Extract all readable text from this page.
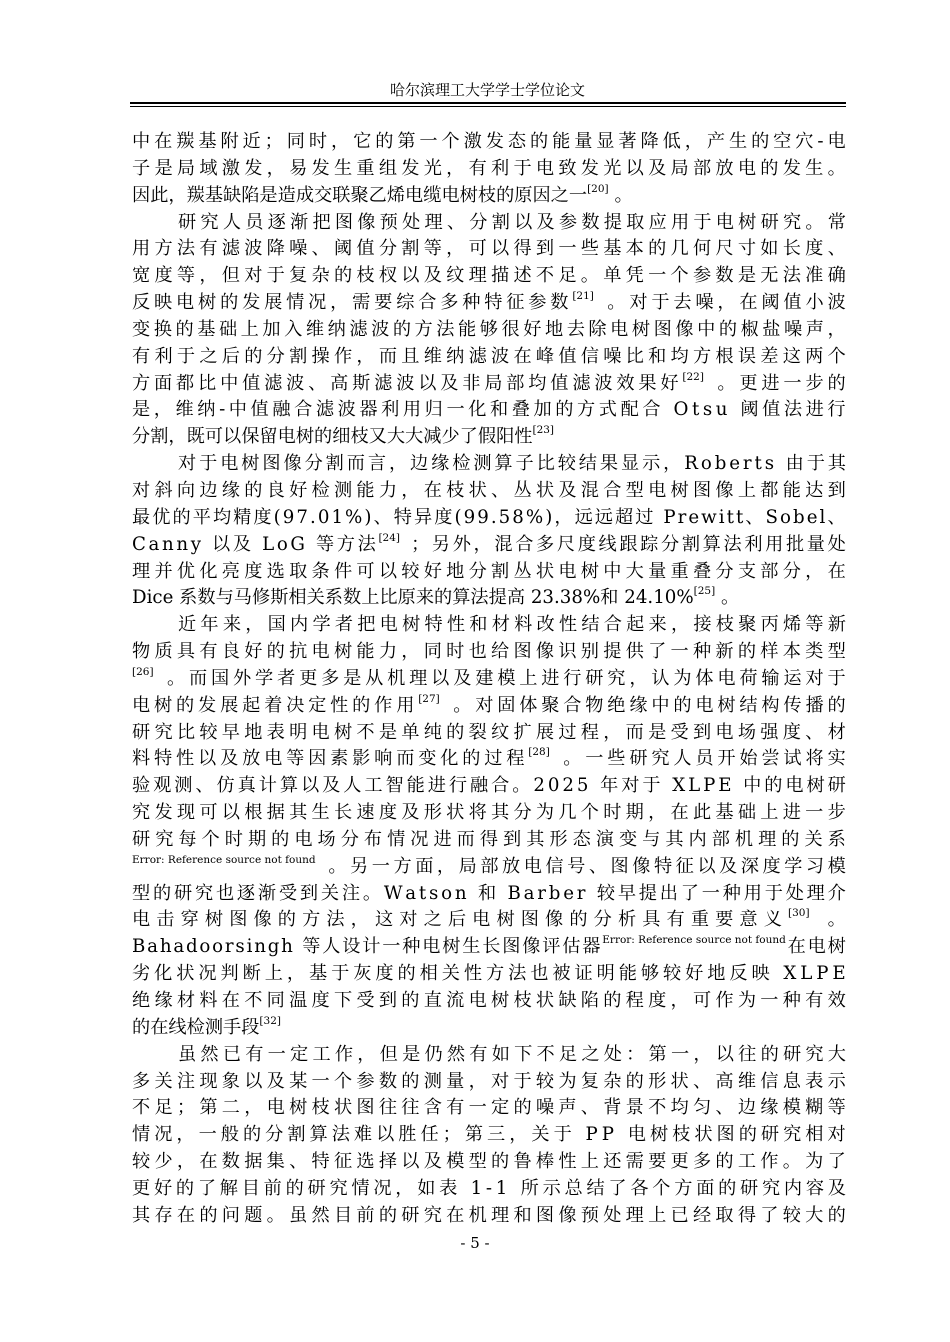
哈尔滨理工大学学士学位论文
中 在 羰 基 附 近 ； 同 时 ， 它 的 第 一 个 激 发 态 的 能 量 显 著 降 低 ， 产 生 的 空 穴 - 电
子 是 局 域 激 发 ， 易 发 生 重 组 发 光 ， 有 利 于 电 致 发 光 以 及 局 部 放 电 的 发 生 。
因 此 ， 羰 基 缺 陷 是 造 成 交 联 聚 乙 烯 电 缆 电 树 枝 的 原 因 之 一 [20]
。
研 究 人 员 逐 渐 把 图 像 预 处 理 、 分 割 以 及 参 数 提 取 应 用 于 电 树 研 究 。 常
用 方 法 有 滤 波 降 噪 、 阈 值 分 割 等 ， 可 以 得 到 一 些 基 本 的 几 何 尺 寸 如 长 度 、
宽 度 等 ， 但 对 于 复 杂 的 枝 杈 以 及 纹 理 描 述 不 足 。 单 凭 一 个 参 数 是 无 法 准 确
反 映 电 树 的 发 展 情 况 ， 需 要 综 合 多 种 特 征 参 数 [21]
。 对 于 去 噪 ， 在 阈 值 小 波
变 换 的 基 础 上 加 入 维 纳 滤 波 的 方 法 能 够 很 好 地 去 除 电 树 图 像 中 的 椒 盐 噪 声 ，
有 利 于 之 后 的 分 割 操 作 ， 而 且 维 纳 滤 波 在 峰 值 信 噪 比 和 均 方 根 误 差 这 两 个
方 面 都 比 中 值 滤 波 、 高 斯 滤 波 以 及 非 局 部 均 值 滤 波 效 果 好 [22]
。 更 进 一 步 的
是 ， 维 纳 - 中 值 融 合 滤 波 器 利 用 归 一 化 和 叠 加 的 方 式 配 合
O t s u
阈 值 法 进 行
分 割 ， 既 可 以 保 留 电 树 的 细 枝 又 大 大 减 少 了 假 阳 性 [23]
对 于 电 树 图 像 分 割 而 言 ， 边 缘 检 测 算 子 比 较 结 果 显 示 ， R o b e r t s
由 于 其
对 斜 向 边 缘 的 良 好 检 测 能 力 ， 在 枝 状 、 丛 状 及 混 合 型 电 树 图 像 上 都 能 达 到
最 优 的 平 均 精 度 ( 9 7 . 0 1 % ) 、 特 异 度 ( 9 9 . 5 8 % ) ， 远 远 超 过
P r e w i t t 、 S o b e l 、
C a n n y
以 及
L o G
等 方 法 [24]
； 另 外 ， 混 合 多 尺 度 线 跟 踪 分 割 算 法 利 用 批 量 处
理 并 优 化 亮 度 选 取 条 件 可 以 较 好 地 分 割 丛 状 电 树 中 大 量 重 叠 分 支 部 分 ， 在
D i c e
系 数 与 马 修 斯 相 关 系 数 上 比 原 来 的 算 法 提 高
2 3 . 3 8 % 和
2 4 . 1 0 % [25]
。
近 年 来 ， 国 内 学 者 把 电 树 特 性 和 材 料 改 性 结 合 起 来 ， 接 枝 聚 丙 烯 等 新
物 质 具 有 良 好 的 抗 电 树 能 力 ， 同 时 也 给 图 像 识 别 提 供 了 一 种 新 的 样 本 类 型
[26]
。 而 国 外 学 者 更 多 是 从 机 理 以 及 建 模 上 进 行 研 究 ， 认 为 体 电 荷 输 运 对 于
电 树 的 发 展 起 着 决 定 性 的 作 用 [27]
。 对 固 体 聚 合 物 绝 缘 中 的 电 树 结 构 传 播 的
研 究 比 较 早 地 表 明 电 树 不 是 单 纯 的 裂 纹 扩 展 过 程 ， 而 是 受 到 电 场 强 度 、 材
料 特 性 以 及 放 电 等 因 素 影 响 而 变 化 的 过 程 [28]
。 一 些 研 究 人 员 开 始 尝 试 将 实
验 观 测 、 仿 真 计 算 以 及 人 工 智 能 进 行 融 合 。 2 0 2 5
年 对 于
X L P E
中 的 电 树 研
究 发 现 可 以 根 据 其 生 长 速 度 及 形 状 将 其 分 为 几 个 时 期 ， 在 此 基 础 上 进 一 步
研 究 每 个 时 期 的 电 场 分 布 情 况 进 而 得 到 其 形 态 演 变 与 其 内 部 机 理 的 关 系
Error: Reference source not found
。 另 一 方 面 ， 局 部 放 电 信 号 、 图 像 特 征 以 及 深 度 学 习 模
型 的 研 究 也 逐 渐 受 到 关 注 。 W a t s o n
和
B a r b e r
较 早 提 出 了 一 种 用 于 处 理 介
电 击 穿 树 图 像 的 方 法 ， 这 对 之 后 电 树 图 像 的 分 析 具 有 重 要 意 义 [30]
。
B a h a d o o r s i n g h
等 人 设 计 一 种 电 树 生 长 图 像 评 估 器 Error: Reference source not found 在 电 树
劣 化 状 况 判 断 上 ， 基 于 灰 度 的 相 关 性 方 法 也 被 证 明 能 够 较 好 地 反 映
X L P E
绝 缘 材 料 在 不 同 温 度 下 受 到 的 直 流 电 树 枝 状 缺 陷 的 程 度 ， 可 作 为 一 种 有 效
的 在 线 检 测 手 段 [32]
虽 然 已 有 一 定 工 作 ， 但 是 仍 然 有 如 下 不 足 之 处 ： 第 一 ， 以 往 的 研 究 大
多 关 注 现 象 以 及 某 一 个 参 数 的 测 量 ， 对 于 较 为 复 杂 的 形 状 、 高 维 信 息 表 示
不 足 ； 第 二 ， 电 树 枝 状 图 往 往 含 有 一 定 的 噪 声 、 背 景 不 均 匀 、 边 缘 模 糊 等
情 况 ， 一 般 的 分 割 算 法 难 以 胜 任 ； 第 三 ， 关 于
P P
电 树 枝 状 图 的 研 究 相 对
较 少 ， 在 数 据 集 、 特 征 选 择 以 及 模 型 的 鲁 棒 性 上 还 需 要 更 多 的 工 作 。 为 了
更 好 的 了 解 目 前 的 研 究 情 况 ， 如 表
1 - 1
所 示 总 结 了 各 个 方 面 的 研 究 内 容 及
其 存 在 的 问 题 。 虽 然 目 前 的 研 究 在 机 理 和 图 像 预 处 理 上 已 经 取 得 了 较 大 的
- 5 -
